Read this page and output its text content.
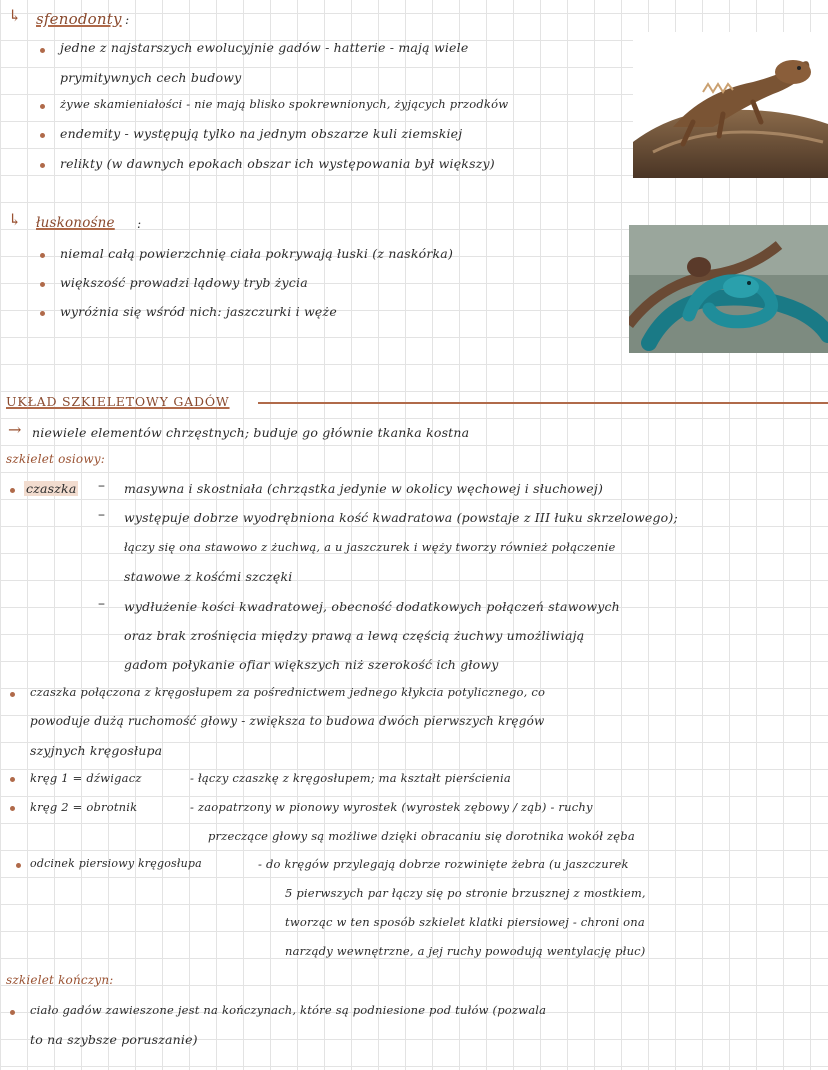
↳ sfenodonty :
jedne z najstarszych ewolucyjnie gadów - hatterie - mają wiele
prymitywnych cech budowy
żywe skamieniałości - nie mają blisko spokrewnionych, żyjących przodków
endemity - występują tylko na jednym obszarze kuli ziemskiej
relikty (w dawnych epokach obszar ich występowania był większy)
↳ łuskonośne :
niemal całą powierzchnię ciała pokrywają łuski (z naskórka)
większość prowadzi lądowy tryb życia
wyróżnia się wśród nich: jaszczurki i węże
UKŁAD SZKIELETOWY GADÓW
→ niewiele elementów chrzęstnych; buduje go głównie tkanka kostna
szkielet osiowy:
czaszka – masywna i skostniała (chrząstka jedynie w okolicy węchowej i słuchowej)
– występuje dobrze wyodrębniona kość kwadratowa (powstaje z III łuku skrzelowego);
łączy się ona stawowo z żuchwą, a u jaszczurek i węży tworzy również połączenie
stawowe z kośćmi szczęki
– wydłużenie kości kwadratowej, obecność dodatkowych połączeń stawowych
oraz brak zrośnięcia między prawą a lewą częścią żuchwy umożliwiają
gadom połykanie ofiar większych niż szerokość ich głowy
czaszka połączona z kręgosłupem za pośrednictwem jednego kłykcia potylicznego, co
powoduje dużą ruchomość głowy - zwiększa to budowa dwóch pierwszych kręgów
szyjnych kręgosłupa
kręg 1 = dźwigacz	- łączy czaszkę z kręgosłupem; ma kształt pierścienia
kręg 2 = obrotnik	- zaopatrzony w pionowy wyrostek (wyrostek zębowy / ząb) - ruchy
przeczące głowy są możliwe dzięki obracaniu się dorotnika wokół zęba
odcinek piersiowy kręgosłupa	- do kręgów przylegają dobrze rozwinięte żebra (u jaszczurek
5 pierwszych par łączy się po stronie brzusznej z mostkiem,
tworząc w ten sposób szkielet klatki piersiowej - chroni ona
narządy wewnętrzne, a jej ruchy powodują wentylację płuc)
szkielet kończyn:
ciało gadów zawieszone jest na kończynach, które są podniesione pod tułów (pozwala
to na szybsze poruszanie)
